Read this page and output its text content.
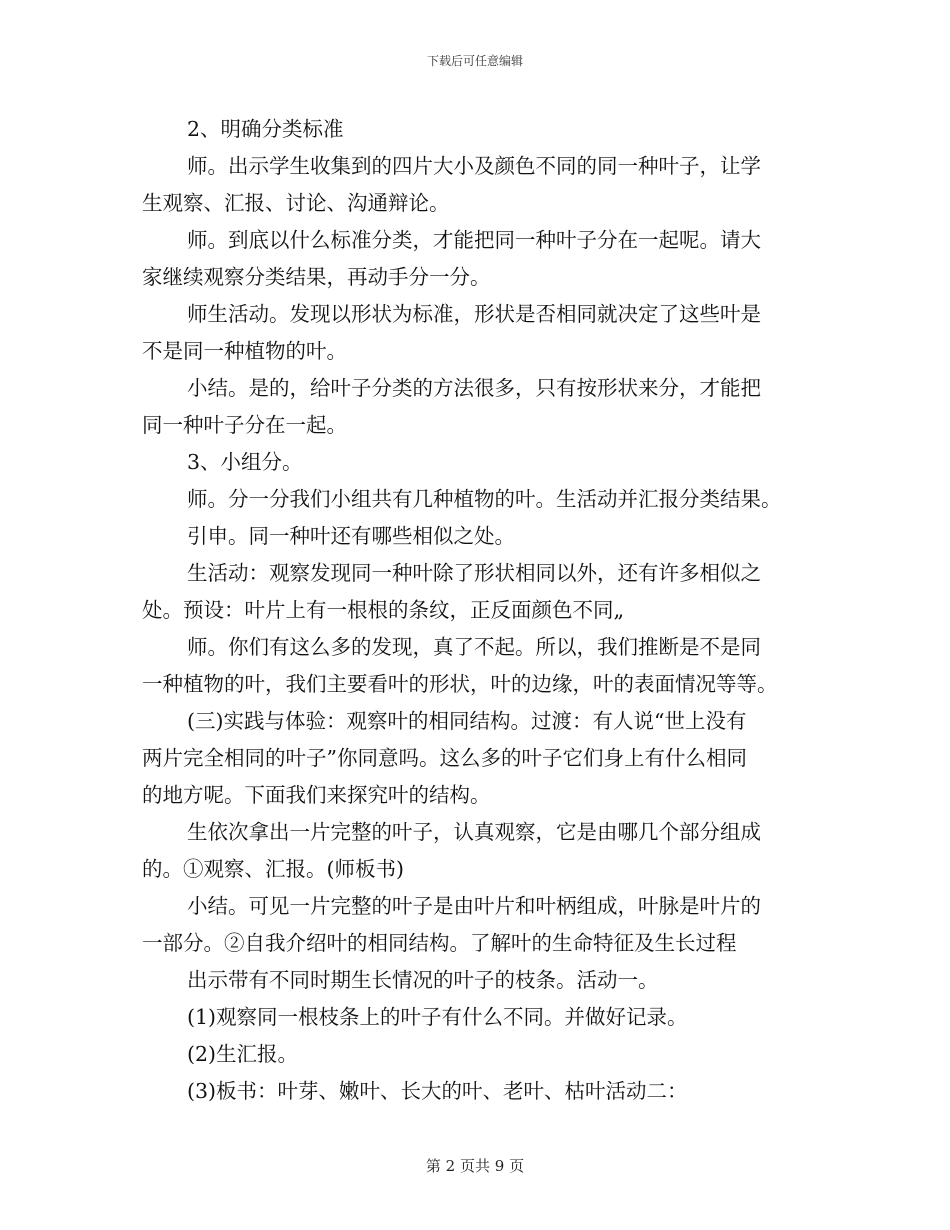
下载后可任意编辑
2、明确分类标准
师。出示学生收集到的四片大小及颜色不同的同一种叶子，让学
生观察、汇报、讨论、沟通辩论。
师。到底以什么标准分类，才能把同一种叶子分在一起呢。请大
家继续观察分类结果，再动手分一分。
师生活动。发现以形状为标准，形状是否相同就决定了这些叶是
不是同一种植物的叶。
小结。是的，给叶子分类的方法很多，只有按形状来分，才能把
同一种叶子分在一起。
3、小组分。
师。分一分我们小组共有几种植物的叶。生活动并汇报分类结果。
引申。同一种叶还有哪些相似之处。
生活动：观察发现同一种叶除了形状相同以外，还有许多相似之
处。预设：叶片上有一根根的条纹，正反面颜色不同„
师。你们有这么多的发现，真了不起。所以，我们推断是不是同
一种植物的叶，我们主要看叶的形状，叶的边缘，叶的表面情况等等。
(三)实践与体验：观察叶的相同结构。过渡：有人说“世上没有
两片完全相同的叶子”你同意吗。这么多的叶子它们身上有什么相同
的地方呢。下面我们来探究叶的结构。
生依次拿出一片完整的叶子，认真观察，它是由哪几个部分组成
的。①观察、汇报。(师板书)
小结。可见一片完整的叶子是由叶片和叶柄组成，叶脉是叶片的
一部分。②自我介绍叶的相同结构。了解叶的生命特征及生长过程
出示带有不同时期生长情况的叶子的枝条。活动一。
(1)观察同一根枝条上的叶子有什么不同。并做好记录。
(2)生汇报。
(3)板书：叶芽、嫩叶、长大的叶、老叶、枯叶活动二：
第 2 页共 9 页
